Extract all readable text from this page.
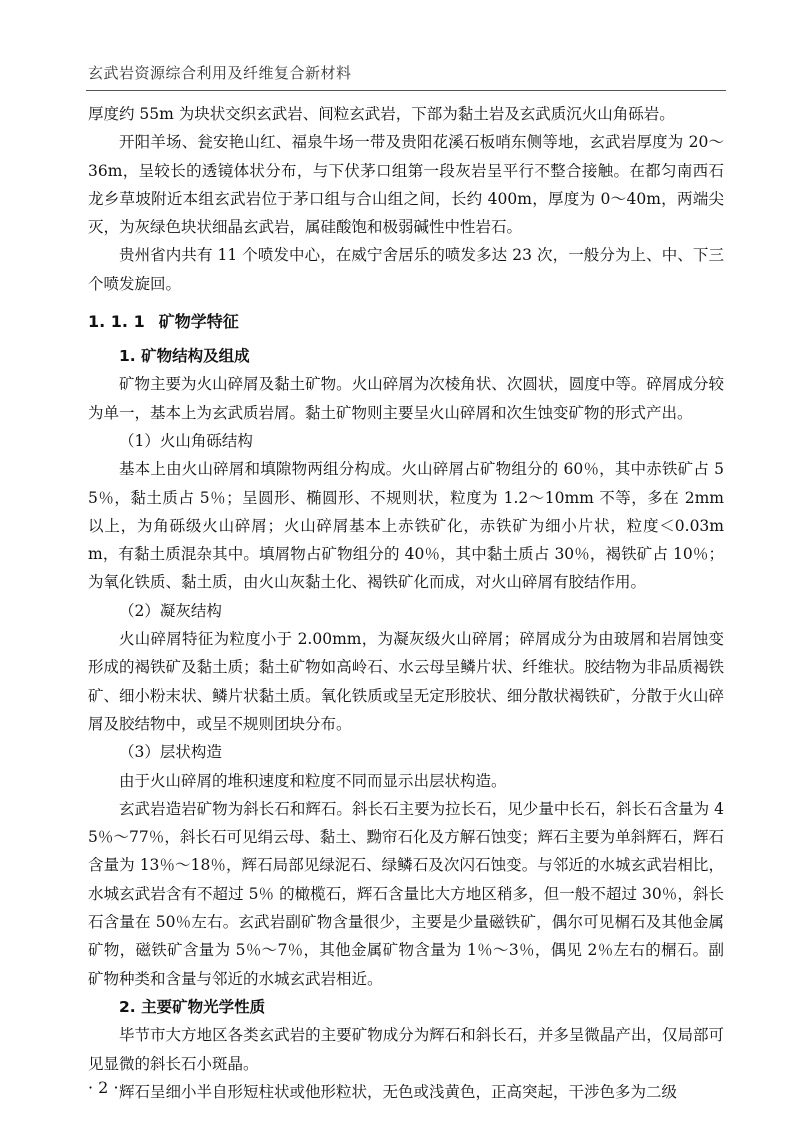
玄武岩资源综合利用及纤维复合新材料

厚度约 55m 为块状交织玄武岩、间粒玄武岩，下部为黏土岩及玄武质沉火山角砾岩。

开阳羊场、瓮安艳山红、福泉牛场一带及贵阳花溪石板哨东侧等地，玄武岩厚度为 20～36m，呈较长的透镜体状分布，与下伏茅口组第一段灰岩呈平行不整合接触。在都匀南西石龙乡草坡附近本组玄武岩位于茅口组与合山组之间，长约 400m，厚度为 0～40m，两端尖灭，为灰绿色块状细晶玄武岩，属硅酸饱和极弱碱性中性岩石。

贵州省内共有 11 个喷发中心，在威宁舍居乐的喷发多达 23 次，一般分为上、中、下三个喷发旋回。

1. 1. 1 矿物学特征

1. 矿物结构及组成

矿物主要为火山碎屑及黏土矿物。火山碎屑为次棱角状、次圆状，圆度中等。碎屑成分较为单一，基本上为玄武质岩屑。黏土矿物则主要呈火山碎屑和次生蚀变矿物的形式产出。

（1）火山角砾结构

基本上由火山碎屑和填隙物两组分构成。火山碎屑占矿物组分的 60％，其中赤铁矿占 55％，黏土质占 5％；呈圆形、椭圆形、不规则状，粒度为 1.2～10mm 不等，多在 2mm 以上，为角砾级火山碎屑；火山碎屑基本上赤铁矿化，赤铁矿为细小片状，粒度＜0.03mm，有黏土质混杂其中。填屑物占矿物组分的 40％，其中黏土质占 30％，褐铁矿占 10％；为氧化铁质、黏土质，由火山灰黏土化、褐铁矿化而成，对火山碎屑有胶结作用。

（2）凝灰结构

火山碎屑特征为粒度小于 2.00mm，为凝灰级火山碎屑；碎屑成分为由玻屑和岩屑蚀变形成的褐铁矿及黏土质；黏土矿物如高岭石、水云母呈鳞片状、纤维状。胶结物为非品质褐铁矿、细小粉末状、鳞片状黏土质。氧化铁质或呈无定形胶状、细分散状褐铁矿，分散于火山碎屑及胶结物中，或呈不规则团块分布。

（3）层状构造

由于火山碎屑的堆积速度和粒度不同而显示出层状构造。

玄武岩造岩矿物为斜长石和辉石。斜长石主要为拉长石，见少量中长石，斜长石含量为 45％～77％，斜长石可见绢云母、黏土、黝帘石化及方解石蚀变；辉石主要为单斜辉石，辉石含量为 13％～18％，辉石局部见绿泥石、绿鳞石及次闪石蚀变。与邻近的水城玄武岩相比，水城玄武岩含有不超过 5％ 的橄榄石，辉石含量比大方地区稍多，但一般不超过 30％，斜长石含量在 50％左右。玄武岩副矿物含量很少，主要是少量磁铁矿，偶尔可见榍石及其他金属矿物，磁铁矿含量为 5％～7％，其他金属矿物含量为 1％～3％，偶见 2％左右的榍石。副矿物种类和含量与邻近的水城玄武岩相近。

2. 主要矿物光学性质

毕节市大方地区各类玄武岩的主要矿物成分为辉石和斜长石，并多呈微晶产出，仅局部可见显微的斜长石小斑晶。

辉石呈细小半自形短柱状或他形粒状，无色或浅黄色，正高突起，干涉色多为二级

· 2 ·
